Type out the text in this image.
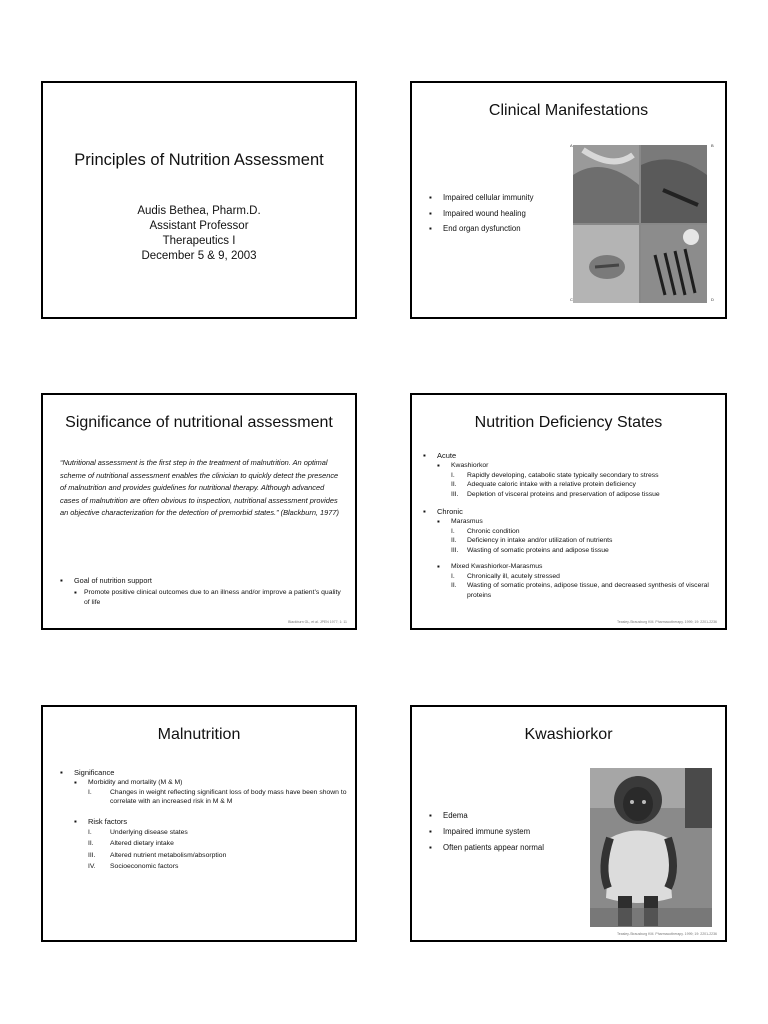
Principles of Nutrition Assessment
Audis Bethea, Pharm.D.
Assistant Professor
Therapeutics I
December 5 & 9, 2003
Clinical Manifestations
▪ Impaired cellular immunity
▪ Impaired wound healing
▪ End organ dysfunction
A	B
C	D
Significance of nutritional assessment
“Nutritional assessment is the first step in the treatment of malnutrition. An optimal scheme of nutritional assessment enables the clinician to quickly detect the presence of malnutrition and provides guidelines for nutritional therapy. Although advanced cases of malnutrition are often obvious to inspection, nutritional assessment provides an objective characterization for the detection of premorbid states.” (Blackburn, 1977)
▪ Goal of nutrition support
▪ Promote positive clinical outcomes due to an illness and/or improve a patient’s quality of life
Blackburn GL, et al. JPEN 1977; 1: 11
Nutrition Deficiency States
▪ Acute
▪ Kwashiorkor
I. Rapidly developing, catabolic state typically secondary to stress
II. Adequate caloric intake with a relative protein deficiency
III. Depletion of visceral proteins and preservation of adipose tissue
▪ Chronic
▪ Marasmus
I. Chronic condition
II. Deficiency in intake and/or utilization of nutrients
III. Wasting of somatic proteins and adipose tissue
▪ Mixed Kwashiorkor-Marasmus
I. Chronically ill, acutely stressed
II. Wasting of somatic proteins, adipose tissue, and decreased synthesis of visceral proteins
Teasley-Strausburg KM. Pharmacotherapy. 1999; 19: 2201-2236
Malnutrition
▪ Significance
▪ Morbidity and mortality (M & M)
I.	Changes in weight reflecting significant loss of body mass have been shown to correlate with an increased risk in M & M
▪ Risk factors
I.	Underlying disease states
II. Altered dietary intake
III. Altered nutrient metabolism/absorption
IV. Socioeconomic factors
Kwashiorkor
▪ Edema
▪ Impaired immune system
▪ Often patients appear normal
Teasley-Strausburg KM. Pharmacotherapy. 1999; 19: 2201-2236
